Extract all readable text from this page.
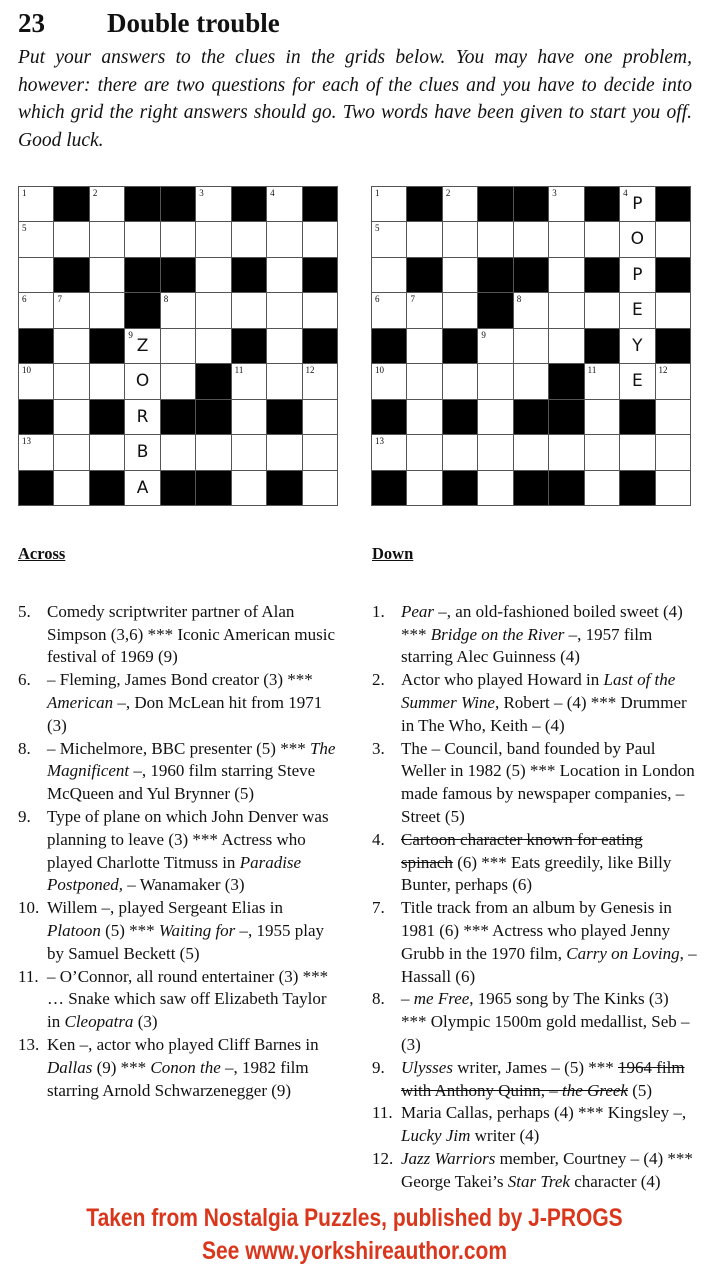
23 Double trouble
Put your answers to the clues in the grids below. You may have one problem, however: there are two questions for each of the clues and you have to decide into which grid the right answers should go. Two words have been given to start you off. Good luck.
1	2	3	4
5
6	7	8
9
Z
10
O
11	12
R
13
B
A
1	2	3	4
P
5
O
P
6	7	8
E
9
Y
10	11
E
12
13
Across
5. Comedy scriptwriter partner of Alan Simpson (3,6) *** Iconic American music festival of 1969 (9)
6. – Fleming, James Bond creator (3) *** American –, Don McLean hit from 1971 (3)
8. – Michelmore, BBC presenter (5) *** The Magnificent –, 1960 film starring Steve McQueen and Yul Brynner (5)
9. Type of plane on which John Denver was planning to leave (3) *** Actress who played Charlotte Titmuss in Paradise Postponed, – Wanamaker (3)
10. Willem –, played Sergeant Elias in Platoon (5) *** Waiting for –, 1955 play by Samuel Beckett (5)
11. – O’Connor, all round entertainer (3) *** … Snake which saw off Elizabeth Taylor in Cleopatra (3)
13. Ken –, actor who played Cliff Barnes in Dallas (9) *** Conon the –, 1982 film starring Arnold Schwarzenegger (9)
Down
1. Pear –, an old-fashioned boiled sweet (4) *** Bridge on the River –, 1957 film starring Alec Guinness (4)
2. Actor who played Howard in Last of the Summer Wine, Robert – (4) *** Drummer in The Who, Keith – (4)
3. The – Council, band founded by Paul Weller in 1982 (5) *** Location in London made famous by newspaper companies, – Street (5)
4. Cartoon character known for eating spinach (6) *** Eats greedily, like Billy Bunter, perhaps (6)
7. Title track from an album by Genesis in 1981 (6) *** Actress who played Jenny Grubb in the 1970 film, Carry on Loving, – Hassall (6)
8. – me Free, 1965 song by The Kinks (3) *** Olympic 1500m gold medallist, Seb – (3)
9. Ulysses writer, James – (5) *** 1964 film with Anthony Quinn, – the Greek (5)
11. Maria Callas, perhaps (4) *** Kingsley –, Lucky Jim writer (4)
12. Jazz Warriors member, Courtney – (4) *** George Takei’s Star Trek character (4)
Taken from Nostalgia Puzzles, published by J-PROGS
See www.yorkshireauthor.com
